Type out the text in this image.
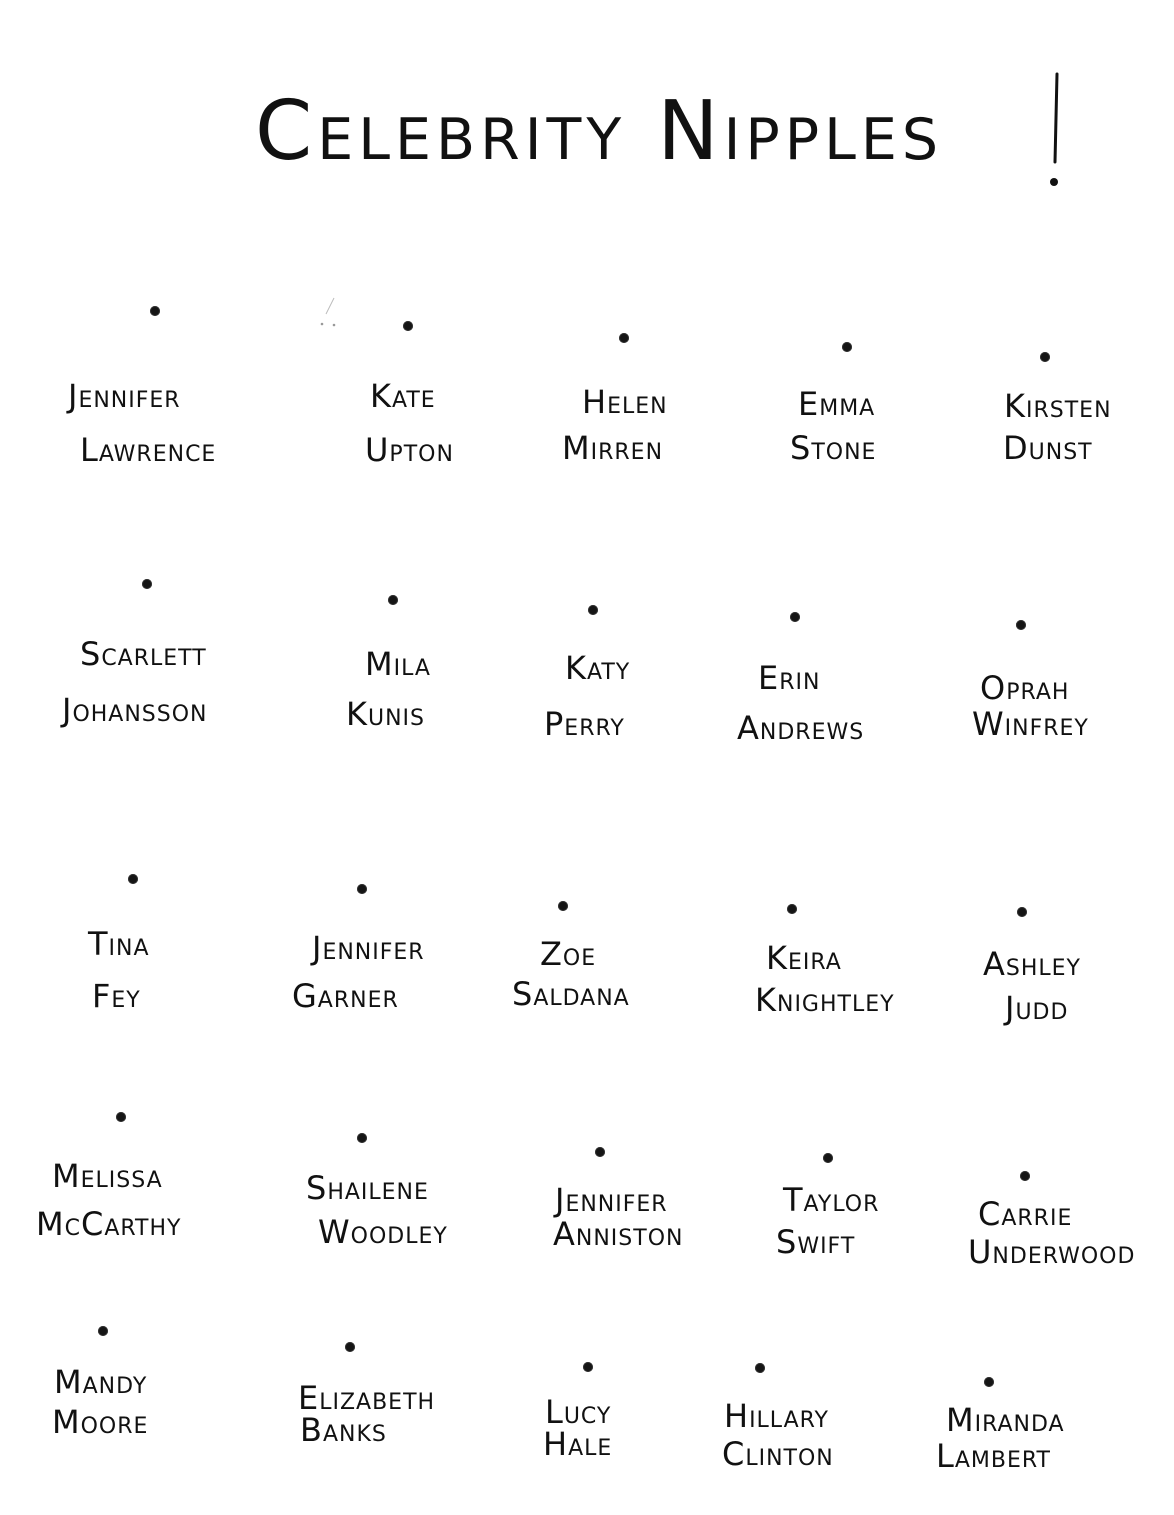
Celebrity Nipples
Jennifer
Lawrence
Kate
Upton
Helen
Mirren
Emma
Stone
Kirsten
Dunst
Scarlett
Johansson
Mila
Kunis
Katy
Perry
Erin
Andrews
Oprah
Winfrey
Tina
Fey
Jennifer
Garner
Zoe
Saldana
Keira
Knightley
Ashley
Judd
Melissa
McCarthy
Shailene
Woodley
Jennifer
Anniston
Taylor
Swift
Carrie
Underwood
Mandy
Moore
Elizabeth
Banks	Lucy
Hale
Hillary
Clinton
Miranda
Lambert
